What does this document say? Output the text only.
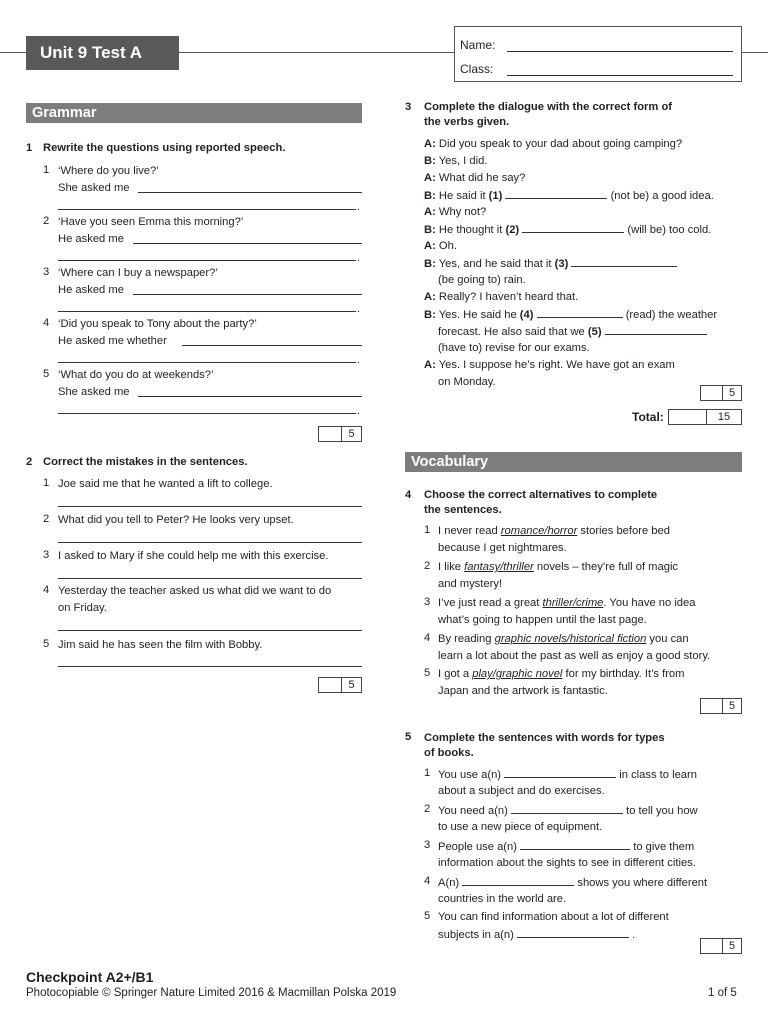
Unit 9 Test A	Name:
Class:
Grammar
1 Rewrite the questions using reported speech.
1 ‘Where do you live?’
She asked me
.
2 ‘Have you seen Emma this morning?’
He asked me
.
3 ‘Where can I buy a newspaper?’
He asked me
.
4 ‘Did you speak to Tony about the party?’
He asked me whether
.
5 ‘What do you do at weekends?’
She asked me
.
5
2 Correct the mistakes in the sentences.
1 Joe said me that he wanted a lift to college.
2 What did you tell to Peter? He looks very upset.
3 I asked to Mary if she could help me with this exercise.
4 Yesterday the teacher asked us what did we want to do
on Friday.
5 Jim said he has seen the film with Bobby.
5
3 Complete the dialogue with the correct form of
the verbs given.
A: Did you speak to your dad about going camping?
B: Yes, I did.
A: What did he say?
B: He said it (1)	(not be) a good idea.
A: Why not?
B: He thought it (2)	(will be) too cold.
A: Oh.
B: Yes, and he said that it (3)
(be going to) rain.
A: Really? I haven’t heard that.
B: Yes. He said he (4)	(read) the weather
forecast. He also said that we (5)
(have to) revise for our exams.
A: Yes. I suppose he’s right. We have got an exam
on Monday.
5
Total:	15
Vocabulary
4 Choose the correct alternatives to complete
the sentences.
1 I never read romance/horror stories before bed
because I get nightmares.
2 I like fantasy/thriller novels – they’re full of magic
and mystery!
3 I’ve just read a great thriller/crime. You have no idea
what’s going to happen until the last page.
4 By reading graphic novels/historical fiction you can
learn a lot about the past as well as enjoy a good story.
5 I got a play/graphic novel for my birthday. It’s from
Japan and the artwork is fantastic.
5
5 Complete the sentences with words for types
of books.
1 You use a(n)	in class to learn
about a subject and do exercises.
2 You need a(n)	to tell you how
to use a new piece of equipment.
3 People use a(n)	to give them
information about the sights to see in different cities.
4 A(n)	shows you where different
countries in the world are.
5 You can find information about a lot of different
subjects in a(n)	.
5
Checkpoint A2+/B1
Photocopiable © Springer Nature Limited 2016 & Macmillan Polska 2019	1 of 5
